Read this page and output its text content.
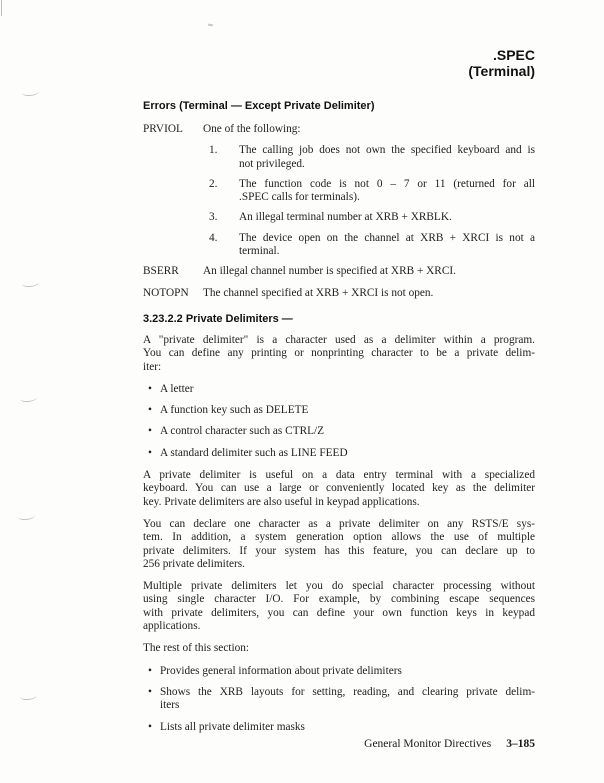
.SPEC
(Terminal)
Errors (Terminal — Except Private Delimiter)
PRVIOL	One of the following:
1.	The calling job does not own the specified keyboard and is
not privileged.
2.	The function code is not 0 – 7 or 11 (returned for all
.SPEC calls for terminals).
3.	An illegal terminal number at XRB + XRBLK.
4.	The device open on the channel at XRB + XRCI is not a
terminal.
BSERR	An illegal channel number is specified at XRB + XRCI.
NOTOPN	The channel specified at XRB + XRCI is not open.
3.23.2.2 Private Delimiters —
A "private delimiter" is a character used as a delimiter within a program.
You can define any printing or nonprinting character to be a private delim-
iter:
• A letter
• A function key such as DELETE
• A control character such as CTRL/Z
• A standard delimiter such as LINE FEED
A private delimiter is useful on a data entry terminal with a specialized
keyboard. You can use a large or conveniently located key as the delimiter
key. Private delimiters are also useful in keypad applications.
You can declare one character as a private delimiter on any RSTS/E sys-
tem. In addition, a system generation option allows the use of multiple
private delimiters. If your system has this feature, you can declare up to
256 private delimiters.
Multiple private delimiters let you do special character processing without
using single character I/O. For example, by combining escape sequences
with private delimiters, you can define your own function keys in keypad
applications.
The rest of this section:
• Provides general information about private delimiters
• Shows the XRB layouts for setting, reading, and clearing private delim-
iters
• Lists all private delimiter masks
General Monitor Directives 3–185
